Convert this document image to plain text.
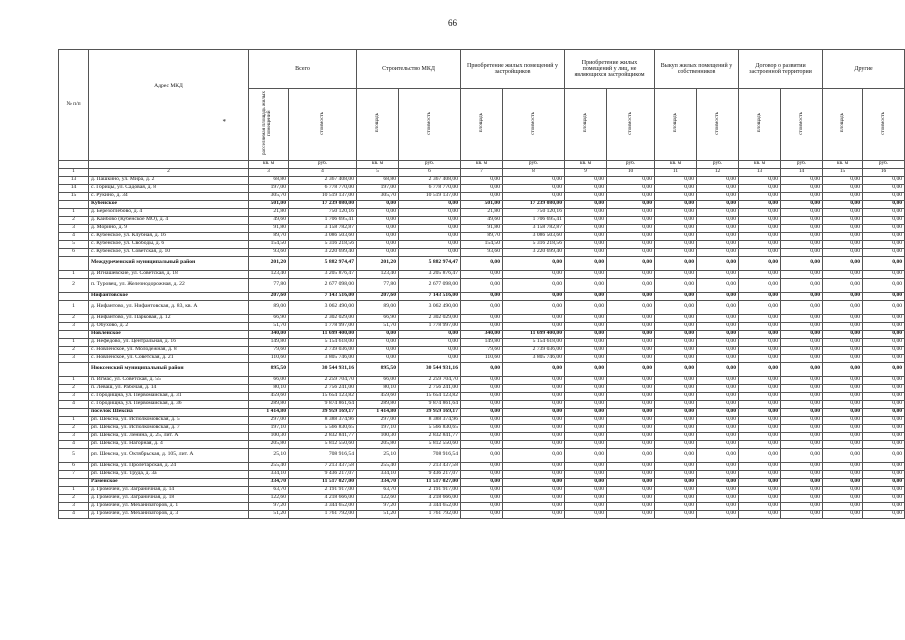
66
№ п/п	Адрес МКД
*	Всего		Строительство МКД		Приобретение жилых помещений у застройщиков		Приобретение жилых помещений у лиц, не являющихся застройщиком		Выкуп жилых помещений у собственников		Договор о развитии застроенной территории		Другие	
		расселяемая площадь жилых помещений	стоимость	площадь	стоимость	площадь	стоимость	площадь	стоимость	площадь	стоимость	площадь	стоимость	площадь	стоимость
		кв. м	руб.	кв. м	руб.	кв. м	руб.	кв. м	руб.	кв. м	руб.	кв. м	руб.	кв. м	руб.
1	2	3	4	5	6	7	8	9	10	11	12	13	14	15	16
13	д. Пашкино, ул. Мира, д. 2	68,80	2 367 408,00	68,80	2 367 408,00	0,00	0,00	0,00	0,00	0,00	0,00	0,00	0,00	0,00	0,00
14	с. Горицы, ул. Садовая, д. 8	197,00	6 778 770,00	197,00	6 778 770,00	0,00	0,00	0,00	0,00	0,00	0,00	0,00	0,00	0,00	0,00
15	с. Рукино, д. 34	305,70	10 519 137,00	305,70	10 519 137,00	0,00	0,00	0,00	0,00	0,00	0,00	0,00	0,00	0,00	0,00
	Кубенское	501,00	17 239 080,00	0,00	0,00	501,00	17 239 080,00	0,00	0,00	0,00	0,00	0,00	0,00	0,00	0,00
1	д. Березоглебово, д. 4	21,80	750 120,16	0,00	0,00	21,80	750 120,16	0,00	0,00	0,00	0,00	0,00	0,00	0,00	0,00
2	д. Кайбово (Кубенское МО), д. 4	49,60	1 706 695,41	0,00	0,00	49,60	1 706 695,41	0,00	0,00	0,00	0,00	0,00	0,00	0,00	0,00
3	д. Морино, д. 9	91,80	3 158 782,87	0,00	0,00	91,80	3 158 782,87	0,00	0,00	0,00	0,00	0,00	0,00	0,00	0,00
4	с. Кубенское, ул. Клубная, д. 16	89,70	3 086 503,60	0,00	0,00	89,70	3 086 503,60	0,00	0,00	0,00	0,00	0,00	0,00	0,00	0,00
5	с. Кубенское, ул. Свободы, д. 6	154,50	5 316 218,56	0,00	0,00	154,50	5 316 218,56	0,00	0,00	0,00	0,00	0,00	0,00	0,00	0,00
6	с. Кубенское, ул. Советская, д. 10	93,60	3 220 699,40	0,00	0,00	93,60	3 220 699,40	0,00	0,00	0,00	0,00	0,00	0,00	0,00	0,00
	Междуреченский муниципальный район	201,20	5 882 974,47	201,20	5 882 974,47	0,00	0,00	0,00	0,00	0,00	0,00	0,00	0,00	0,00	0,00
1	д. Игнашевские, ул. Советская, д. 18	123,40	3 205 876,47	123,40	3 205 876,47	0,00	0,00	0,00	0,00	0,00	0,00	0,00	0,00	0,00	0,00
2	п. Туровец, ул. Железнодорожная, д. 22	77,80	2 677 098,00	77,80	2 677 098,00	0,00	0,00	0,00	0,00	0,00	0,00	0,00	0,00	0,00	0,00
	Нифантовское	207,60	7 143 516,00	207,60	7 143 516,00	0,00	0,00	0,00	0,00	0,00	0,00	0,00	0,00	0,00	0,00
1	д. Нифантово, ул. Нифантовская, д. 83, кв. А	89,00	3 062 490,00	89,00	3 062 490,00	0,00	0,00	0,00	0,00	0,00	0,00	0,00	0,00	0,00	0,00
2	д. Нифантово, ул. Парковая, д. 12	66,90	2 302 029,00	66,90	2 302 029,00	0,00	0,00	0,00	0,00	0,00	0,00	0,00	0,00	0,00	0,00
3	д. Обухово, д. 2	51,70	1 778 997,00	51,70	1 778 997,00	0,00	0,00	0,00	0,00	0,00	0,00	0,00	0,00	0,00	0,00
	Новленское	340,00	11 699 400,00	0,00	0,00	340,00	11 699 400,00	0,00	0,00	0,00	0,00	0,00	0,00	0,00	0,00
1	д. Нефедово, ул. Центральная, д. 16	149,80	5 154 618,00	0,00	0,00	149,80	5 154 618,00	0,00	0,00	0,00	0,00	0,00	0,00	0,00	0,00
2	с. Новленское, ул. Молодежная, д. 8	79,60	2 739 036,00	0,00	0,00	79,60	2 739 036,00	0,00	0,00	0,00	0,00	0,00	0,00	0,00	0,00
3	с. Новленское, ул. Советская, д. 21	110,60	3 805 746,00	0,00	0,00	110,60	3 805 746,00	0,00	0,00	0,00	0,00	0,00	0,00	0,00	0,00
	Нюксенский муниципальный район	895,50	30 544 931,16	895,50	30 544 931,16	0,00	0,00	0,00	0,00	0,00	0,00	0,00	0,00	0,00	0,00
1	п. Игмас, ул. Советская, д. 55	66,00	2 259 704,70	66,00	2 259 704,70	0,00	0,00	0,00	0,00	0,00	0,00	0,00	0,00	0,00	0,00
2	п. Леваш, ул. Рабочая, д. 14	80,10	2 756 241,00	80,10	2 756 241,00	0,00	0,00	0,00	0,00	0,00	0,00	0,00	0,00	0,00	0,00
3	с. Городищна, ул. Первомайская, д. 31	459,60	15 654 123,82	459,60	15 654 123,82	0,00	0,00	0,00	0,00	0,00	0,00	0,00	0,00	0,00	0,00
4	с. Городищна, ул. Первомайская, д. 36	289,80	9 874 861,64	289,80	9 874 861,64	0,00	0,00	0,00	0,00	0,00	0,00	0,00	0,00	0,00	0,00
	поселок Шексна	1 414,80	39 959 169,17	1 414,80	39 959 169,17	0,00	0,00	0,00	0,00	0,00	0,00	0,00	0,00	0,00	0,00
1	рп. Шексна, ул. Исполкомовская, д. 5	297,00	8 388 374,96	297,00	8 388 374,96	0,00	0,00	0,00	0,00	0,00	0,00	0,00	0,00	0,00	0,00
2	рп. Шексна, ул. Исполкомовская, д. 7	197,10	5 566 830,65	197,10	5 566 830,65	0,00	0,00	0,00	0,00	0,00	0,00	0,00	0,00	0,00	0,00
3	рп. Шексна, ул. Ленина, д. 25, лит. А	100,30	2 832 841,77	100,30	2 832 841,77	0,00	0,00	0,00	0,00	0,00	0,00	0,00	0,00	0,00	0,00
4	рп. Шексна, ул. Нагорная, д. 4	205,80	5 812 550,60	205,80	5 812 550,60	0,00	0,00	0,00	0,00	0,00	0,00	0,00	0,00	0,00	0,00
5	рп. Шексна, ул. Октябрьская, д. 105, лит. А	25,10	708 916,54	25,10	708 916,54	0,00	0,00	0,00	0,00	0,00	0,00	0,00	0,00	0,00	0,00
6	рп. Шексна, ул. Пролетарская, д. 24	255,40	7 213 437,58	255,40	7 213 437,58	0,00	0,00	0,00	0,00	0,00	0,00	0,00	0,00	0,00	0,00
7	рп. Шексна, ул. Труда, д. 3а	334,10	9 436 217,07	334,10	9 436 217,07	0,00	0,00	0,00	0,00	0,00	0,00	0,00	0,00	0,00	0,00
	Раменское	334,70	11 517 027,00	334,70	11 517 027,00	0,00	0,00	0,00	0,00	0,00	0,00	0,00	0,00	0,00	0,00
1	д. Громочей, ул. Заграничная, д. 14	63,70	2 191 917,00	63,70	2 191 917,00	0,00	0,00	0,00	0,00	0,00	0,00	0,00	0,00	0,00	0,00
2	д. Громочей, ул. Заграничная, д. 18	122,60	4 218 666,00	122,60	4 218 666,00	0,00	0,00	0,00	0,00	0,00	0,00	0,00	0,00	0,00	0,00
3	д. Громочей, ул. Механизаторов, д. 1	97,20	3 344 652,00	97,20	3 344 652,00	0,00	0,00	0,00	0,00	0,00	0,00	0,00	0,00	0,00	0,00
4	д. Громочей, ул. Механизаторов, д. 3	51,20	1 761 792,00	51,20	1 761 792,00	0,00	0,00	0,00	0,00	0,00	0,00	0,00	0,00	0,00	0,00
